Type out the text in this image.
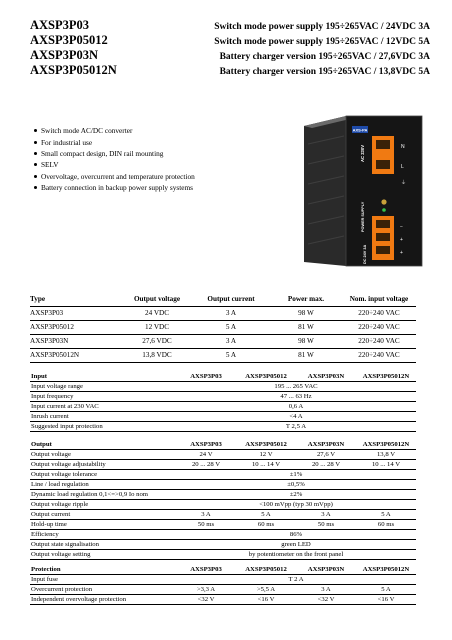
AXSP3P03	Switch mode power supply 195÷265VAC / 24VDC 3A
AXSP3P05012	Switch mode power supply 195÷265VAC / 12VDC 5A
AXSP3P03N	Battery charger version 195÷265VAC / 27,6VDC 3A
AXSP3P05012N	Battery charger version 195÷265VAC / 13,8VDC 5A
Switch mode AC/DC converter
For industrial use
Small compact design, DIN rail mounting
SELV
Overvoltage, overcurrent and temperature protection
Battery connection in backup power supply systems
AXS-PA
AC 230V	N
L
⏚
POWER SUPPLY
DC 24V 3A
−
+
+
Type	Output voltage	Output current	Power max.	Nom. input voltage
AXSP3P03	24 VDC	3 A	98 W	220÷240 VAC
AXSP3P05012	12 VDC	5 A	81 W	220÷240 VAC
AXSP3P03N	27,6 VDC	3 A	98 W	220÷240 VAC
AXSP3P05012N	13,8 VDC	5 A	81 W	220÷240 VAC
Input	AXSP3P03	AXSP3P05012	AXSP3P03N	AXSP3P05012N
Input voltage range	195 ... 265 VAC			
Input frequency	47 ... 63 Hz			
Input current at 230 VAC	0,6 A			
Inrush current	<4 A			
Suggested input protection	T 2,5 A			
Output	AXSP3P03	AXSP3P05012	AXSP3P03N	AXSP3P05012N
Output voltage	24 V	12 V	27,6 V	13,8 V
Output voltage adjustability	20 ... 28 V	10 ... 14 V	20 ... 28 V	10 ... 14 V
Output voltage tolerance	±1%			
Line / load regulation	±0,5%			
Dynamic load regulation 0,1<=>0,9 Io nom	±2%			
Output voltage ripple	<100 mVpp (typ 30 mVpp)			
Output current	3 A	5 A	3 A	5 A
Hold-up time	50 ms	60 ms	50 ms	60 ms
Efficiency	86%			
Output state signalisation	green LED			
Output voltage setting	by potentiometer on the front panel			
Protection	AXSP3P03	AXSP3P05012	AXSP3P03N	AXSP3P05012N
Input fuse	T 2 A			
Overcurrent protection	>3,3 A	>5,5 A	3 A	5 A
Independent overvoltage protection	<32 V	<16 V	<32 V	<16 V
